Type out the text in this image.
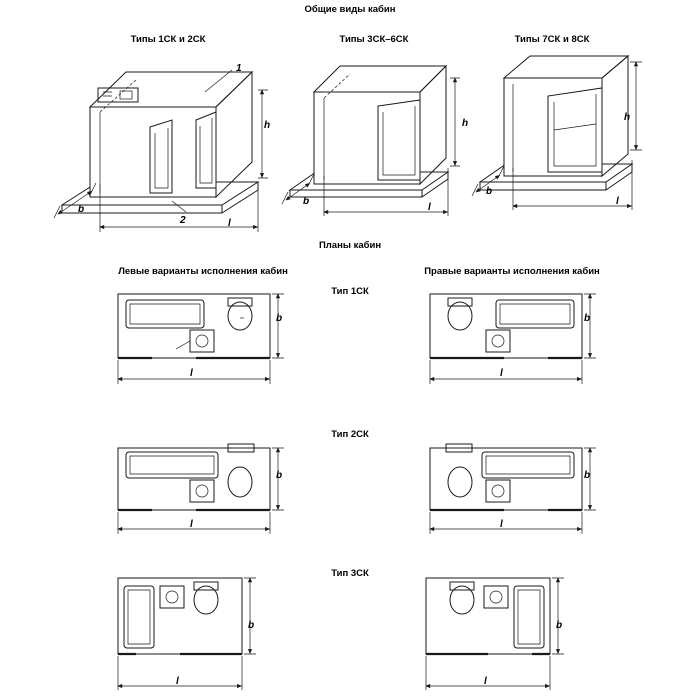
Общие виды кабин
Типы 1СК и 2СК	Типы 3СК–6СК	Типы 7СК и 8СК
Планы кабин
Левые варианты исполнения кабин	Правые варианты исполнения кабин
Тип 1СК
Тип 2СК
Тип 3СК
1
2
h
b
l
h
b
l
h
b
l
b
l
b
l
b
l
b
l
b
l
b
l
